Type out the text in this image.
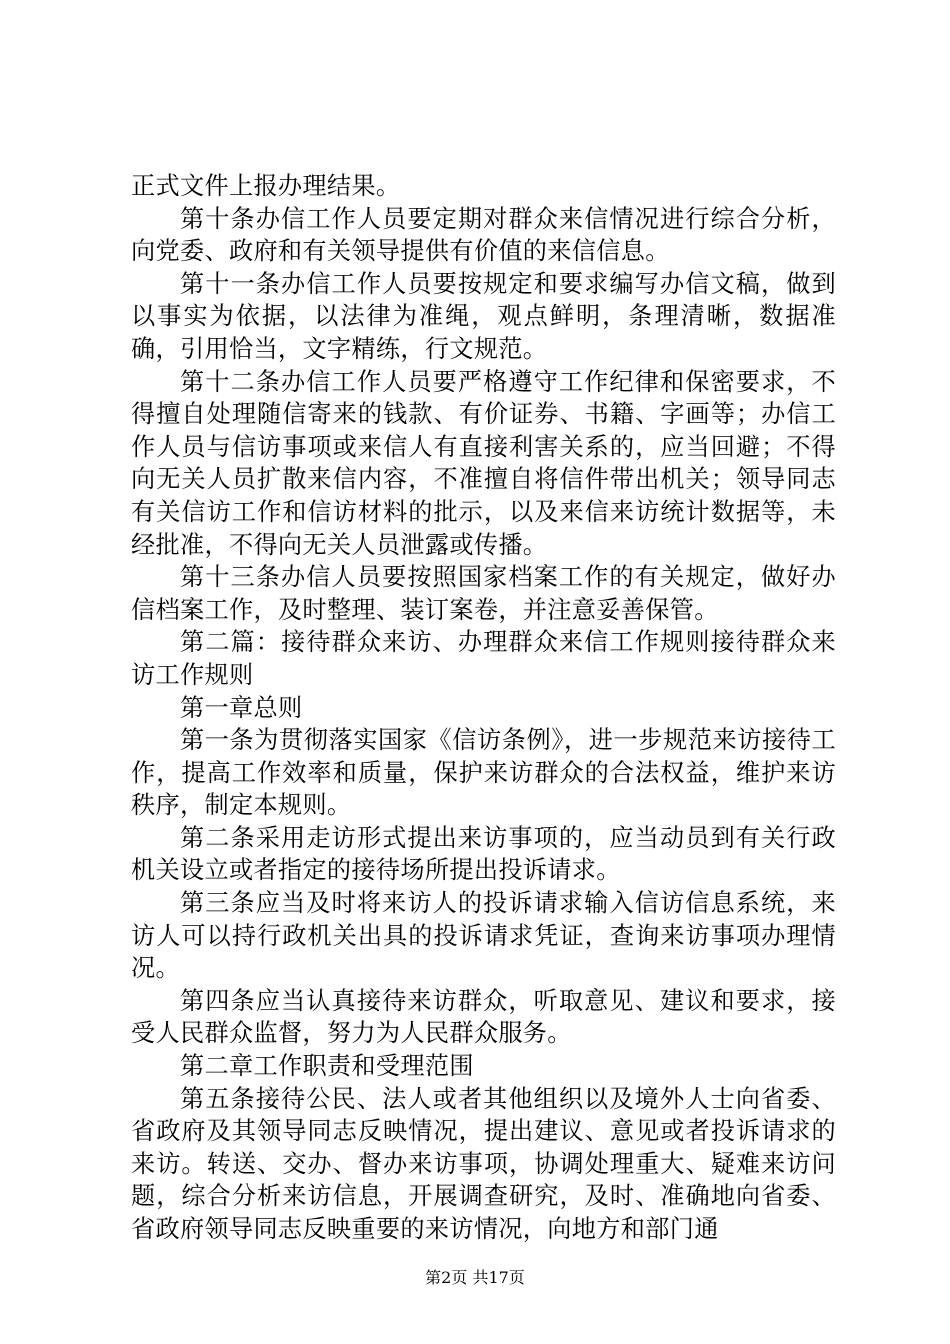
正式文件上报办理结果。

第十条办信工作人员要定期对群众来信情况进行综合分析，向党委、政府和有关领导提供有价值的来信信息。

第十一条办信工作人员要按规定和要求编写办信文稿，做到以事实为依据，以法律为准绳，观点鲜明，条理清晰，数据准确，引用恰当，文字精练，行文规范。

第十二条办信工作人员要严格遵守工作纪律和保密要求，不得擅自处理随信寄来的钱款、有价证券、书籍、字画等；办信工作人员与信访事项或来信人有直接利害关系的，应当回避；不得向无关人员扩散来信内容，不准擅自将信件带出机关；领导同志有关信访工作和信访材料的批示，以及来信来访统计数据等，未经批准，不得向无关人员泄露或传播。

第十三条办信人员要按照国家档案工作的有关规定，做好办信档案工作，及时整理、装订案卷，并注意妥善保管。

第二篇：接待群众来访、办理群众来信工作规则接待群众来访工作规则

第一章总则

第一条为贯彻落实国家《信访条例》，进一步规范来访接待工作，提高工作效率和质量，保护来访群众的合法权益，维护来访秩序，制定本规则。

第二条采用走访形式提出来访事项的，应当动员到有关行政机关设立或者指定的接待场所提出投诉请求。

第三条应当及时将来访人的投诉请求输入信访信息系统，来访人可以持行政机关出具的投诉请求凭证，查询来访事项办理情况。

第四条应当认真接待来访群众，听取意见、建议和要求，接受人民群众监督，努力为人民群众服务。

第二章工作职责和受理范围

第五条接待公民、法人或者其他组织以及境外人士向省委、省政府及其领导同志反映情况，提出建议、意见或者投诉请求的来访。转送、交办、督办来访事项，协调处理重大、疑难来访问题，综合分析来访信息，开展调查研究，及时、准确地向省委、省政府领导同志反映重要的来访情况，向地方和部门通

第2页 共17页
